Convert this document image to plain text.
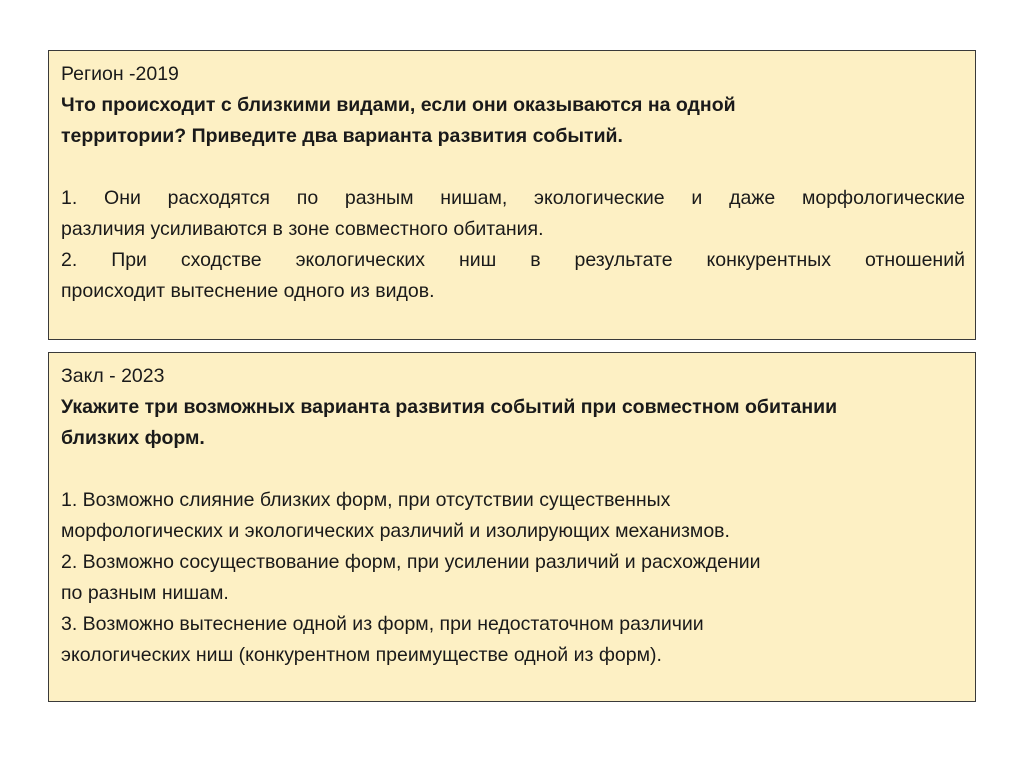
Регион -2019
Что происходит с близкими видами, если они оказываются на одной
территории? Приведите два варианта развития событий.
1. Они расходятся по разным нишам, экологические и даже морфологические
различия усиливаются в зоне совместного обитания.
2. При сходстве экологических ниш в результате конкурентных отношений
происходит вытеснение одного из видов.
Закл - 2023
Укажите три возможных варианта развития событий при совместном обитании
близких форм.
1. Возможно слияние близких форм, при отсутствии существенных
морфологических и экологических различий и изолирующих механизмов.
2. Возможно сосуществование форм, при усилении различий и расхождении
по разным нишам.
3. Возможно вытеснение одной из форм, при недостаточном различии
экологических ниш (конкурентном преимуществе одной из форм).
